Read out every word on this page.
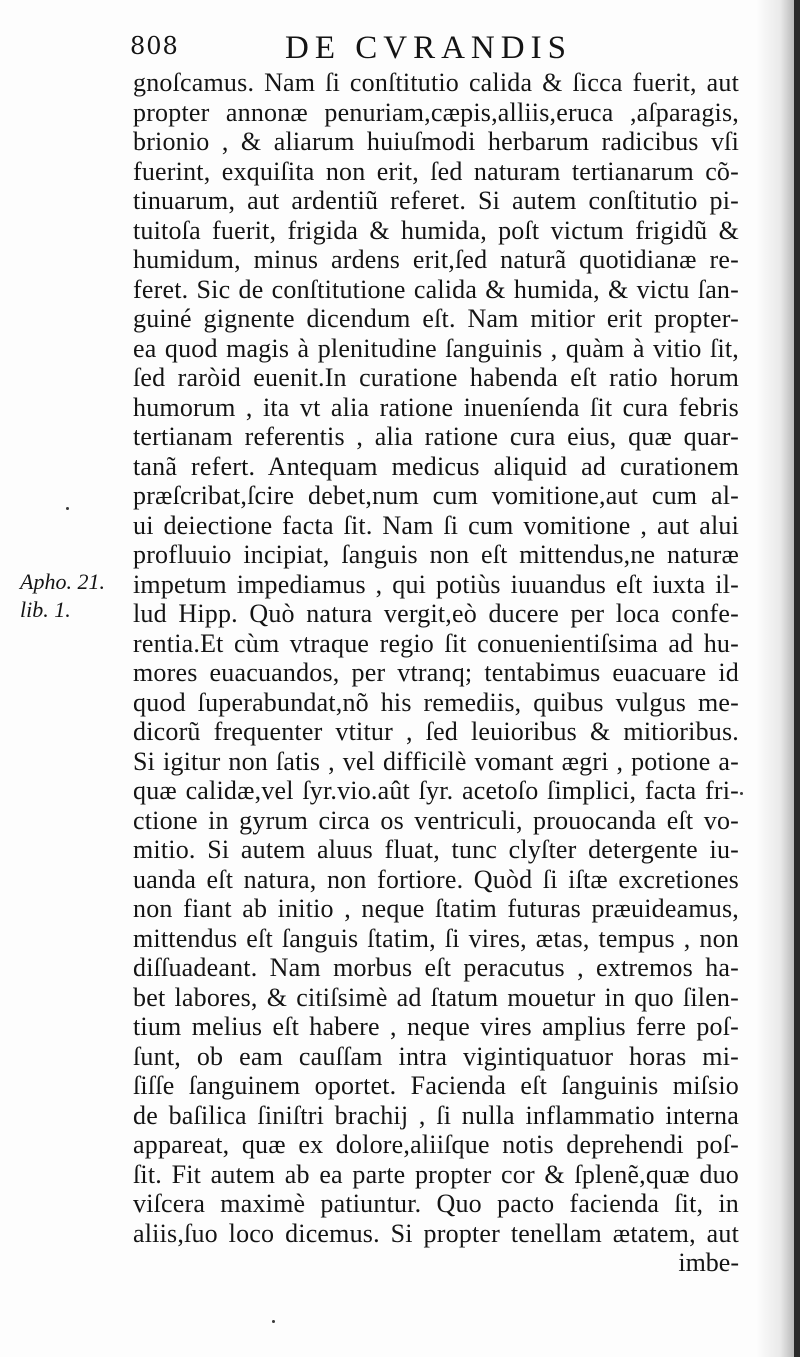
808	DE CVRANDIS
Apho. 21.
lib. 1.
gnoſcamus. Nam ſi conſtitutio calida & ſicca fuerit, aut
propter annonæ penuriam,cæpis,alliis,eruca ,aſparagis,
brionio , & aliarum huiuſmodi herbarum radicibus vſi
fuerint, exquiſita non erit, ſed naturam tertianarum cõ-
tinuarum, aut ardentiũ referet. Si autem conſtitutio pi-
tuitoſa fuerit, frigida & humida, poſt victum frigidũ &
humidum, minus ardens erit,ſed naturã quotidianæ re-
feret. Sic de conſtitutione calida & humida, & victu ſan-
guiné gignente dicendum eſt. Nam mitior erit propter-
ea quod magis à plenitudine ſanguinis , quàm à vitio ſit,
ſed raròid euenit.In curatione habenda eſt ratio horum
humorum , ita vt alia ratione inueníenda ſit cura febris
tertianam referentis , alia ratione cura eius, quæ quar-
tanã refert. Antequam medicus aliquid ad curationem
præſcribat,ſcire debet,num cum vomitione,aut cum al-
ui deiectione facta ſit. Nam ſi cum vomitione , aut alui
profluuio incipiat, ſanguis non eſt mittendus,ne naturæ
impetum impediamus , qui potiùs iuuandus eſt iuxta il-
lud Hipp. Quò natura vergit,eò ducere per loca confe-
rentia.Et cùm vtraque regio ſit conuenientiſsima ad hu-
mores euacuandos, per vtranq; tentabimus euacuare id
quod ſuperabundat,nõ his remediis, quibus vulgus me-
dicorũ frequenter vtitur , ſed leuioribus & mitioribus.
Si igitur non ſatis , vel difficilè vomant ægri , potione a-
quæ calidæ,vel ſyr.vio.aût ſyr. acetoſo ſimplici, facta fri-
ctione in gyrum circa os ventriculi, prouocanda eſt vo-
mitio. Si autem aluus fluat, tunc clyſter detergente iu-
uanda eſt natura, non fortiore. Quòd ſi iſtæ excretiones
non fiant ab initio , neque ſtatim futuras præuideamus,
mittendus eſt ſanguis ſtatim, ſi vires, ætas, tempus , non
diſſuadeant. Nam morbus eſt peracutus , extremos ha-
bet labores, & citiſsimè ad ſtatum mouetur in quo ſilen-
tium melius eſt habere , neque vires amplius ferre poſ-
ſunt, ob eam cauſſam intra vigintiquatuor horas mi-
ſiſſe ſanguinem oportet. Facienda eſt ſanguinis miſsio
de baſilica ſiniſtri brachij , ſi nulla inflammatio interna
appareat, quæ ex dolore,aliiſque notis deprehendi poſ-
ſit. Fit autem ab ea parte propter cor & ſplenẽ,quæ duo
viſcera maximè patiuntur. Quo pacto facienda ſit, in
aliis,ſuo loco dicemus. Si propter tenellam ætatem, aut
imbe-
